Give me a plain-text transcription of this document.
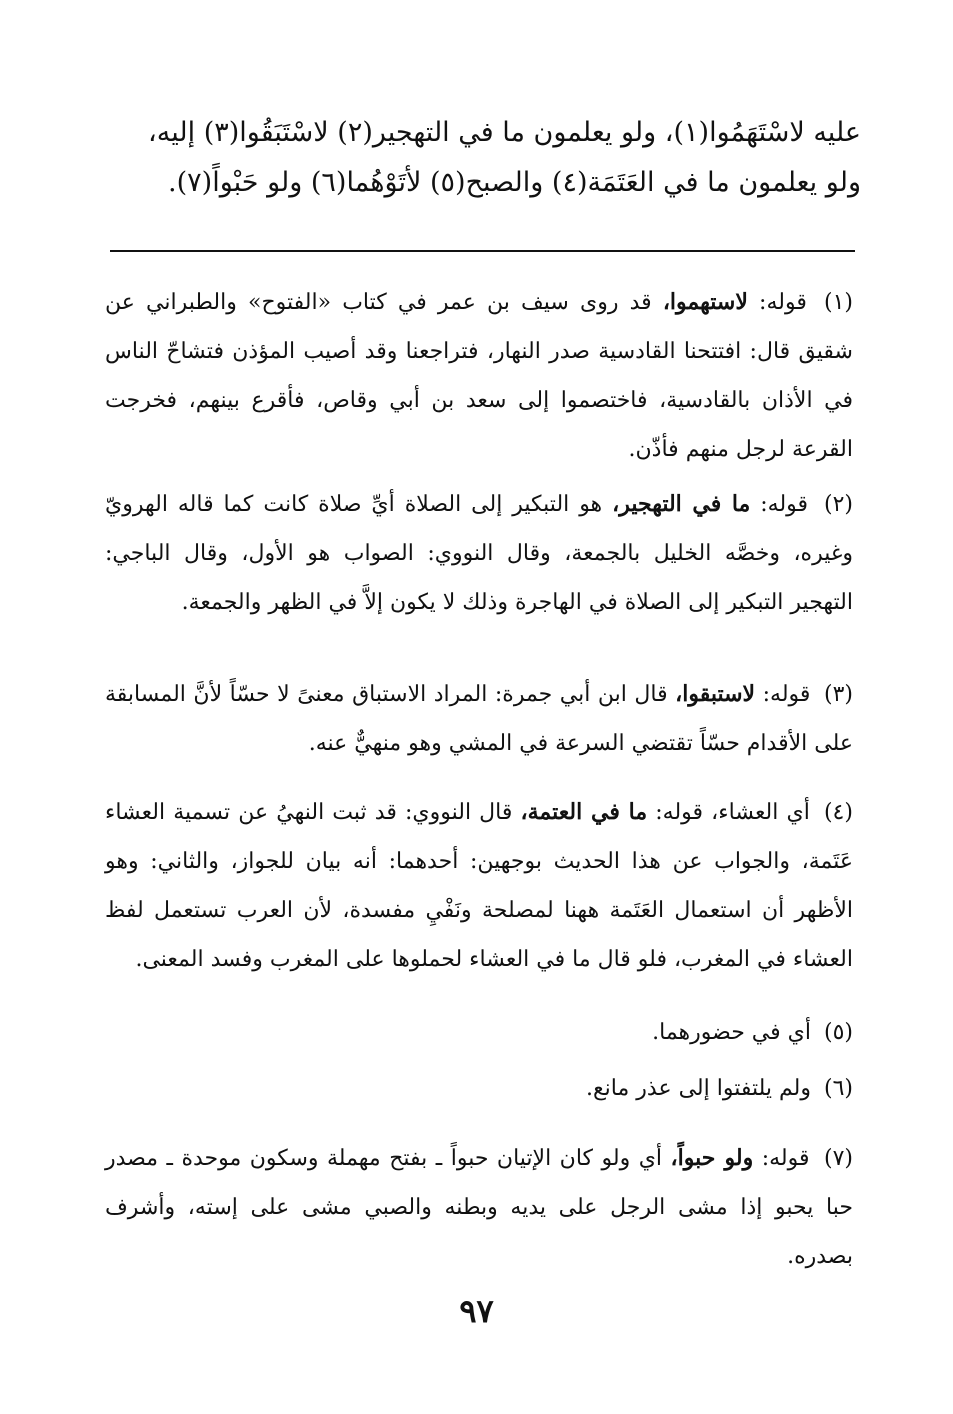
عليه لاسْتَهَمُوا(١)، ولو يعلمون ما في التهجير(٢) لاسْتَبَقُوا(٣) إليه،
ولو يعلمون ما في العَتَمَة(٤) والصبح(٥) لأتَوْهُما(٦) ولو حَبْواً(٧).
(١) قوله: لاستهموا، قد روى سيف بن عمر في كتاب «الفتوح» والطبراني عن شقيق قال: افتتحنا القادسية صدر النهار، فتراجعنا وقد أصيب المؤذن فتشاحّ الناس في الأذان بالقادسية، فاختصموا إلى سعد بن أبي وقاص، فأقرع بينهم، فخرجت القرعة لرجل منهم فأذّن.
(٢) قوله: ما في التهجير، هو التبكير إلى الصلاة أيِّ صلاة كانت كما قاله الهرويّ وغيره، وخصَّه الخليل بالجمعة، وقال النووي: الصواب هو الأول، وقال الباجي: التهجير التبكير إلى الصلاة في الهاجرة وذلك لا يكون إلاَّ في الظهر والجمعة.
(٣) قوله: لاستبقوا، قال ابن أبي جمرة: المراد الاستباق معنىً لا حسّاً لأنَّ المسابقة على الأقدام حسّاً تقتضي السرعة في المشي وهو منهيٌّ عنه.
(٤) أي العشاء، قوله: ما في العتمة، قال النووي: قد ثبت النهيُ عن تسمية العشاء عَتَمة، والجواب عن هذا الحديث بوجهين: أحدهما: أنه بيان للجواز، والثاني: وهو الأظهر أن استعمال العَتَمة ههنا لمصلحة ونَفْيِ مفسدة، لأن العرب تستعمل لفظ العشاء في المغرب، فلو قال ما في العشاء لحملوها على المغرب وفسد المعنى.
(٥) أي في حضورهما.
(٦) ولم يلتفتوا إلى عذر مانع.
(٧) قوله: ولو حبواً، أي ولو كان الإتيان حبواً ـ بفتح مهملة وسكون موحدة ـ مصدر حبا يحبو إذا مشى الرجل على يديه وبطنه والصبي مشى على إسته، وأشرف بصدره.
٩٧
